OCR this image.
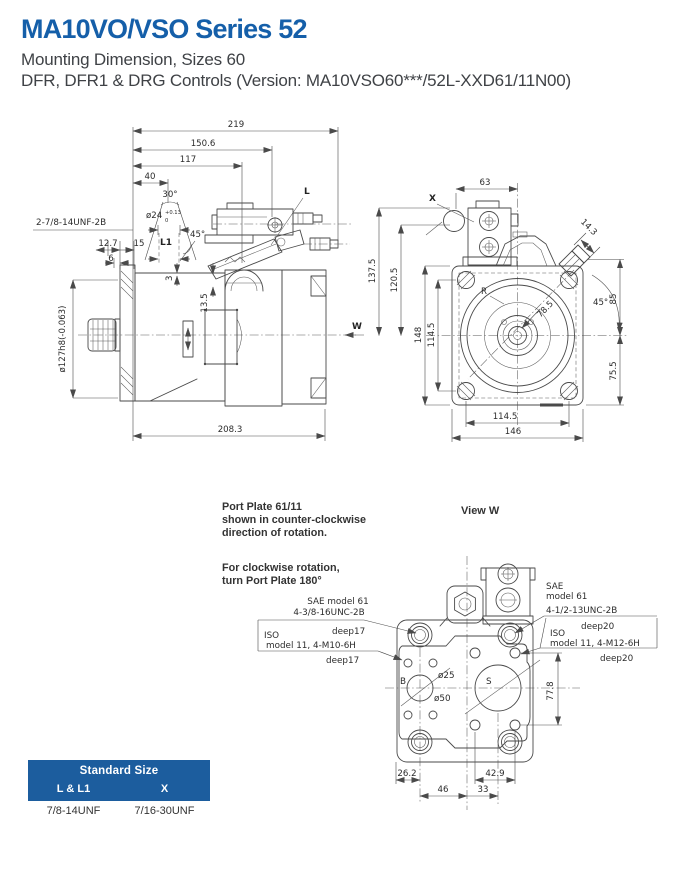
MA10VO/VSO Series 52

Mounting Dimension, Sizes 60

DFR, DFR1 & DRG Controls (Version: MA10VSO60***/52L-XXD61/11N00)

219
150.6
117
40
30°
ø24 +0.13
0
2-7/8-14UNF-2B
12.7 15
6
L1
45°
L
3
13.5
ø127h8(-0.063)
208.3
W
X
63
137.5 120.5
148 114.5
85
75.5
114.5
146
14.3
45°
R
78.5
Port Plate 61/11
shown in counter-clockwise
direction of rotation.
For clockwise rotation,
turn Port Plate 180°
View W
B	S
ø25
ø50
SAE model 61
4-3/8-16UNC-2B
deep17
ISO
model 11, 4-M10-6H
deep17
SAE
model 61
4-1/2-13UNC-2B
deep20
ISO
model 11, 4-M12-6H
deep20
77.8
26.2	42.9
46	33
Standard Size
L & L1	X
7/8-14UNF	7/16-30UNF
